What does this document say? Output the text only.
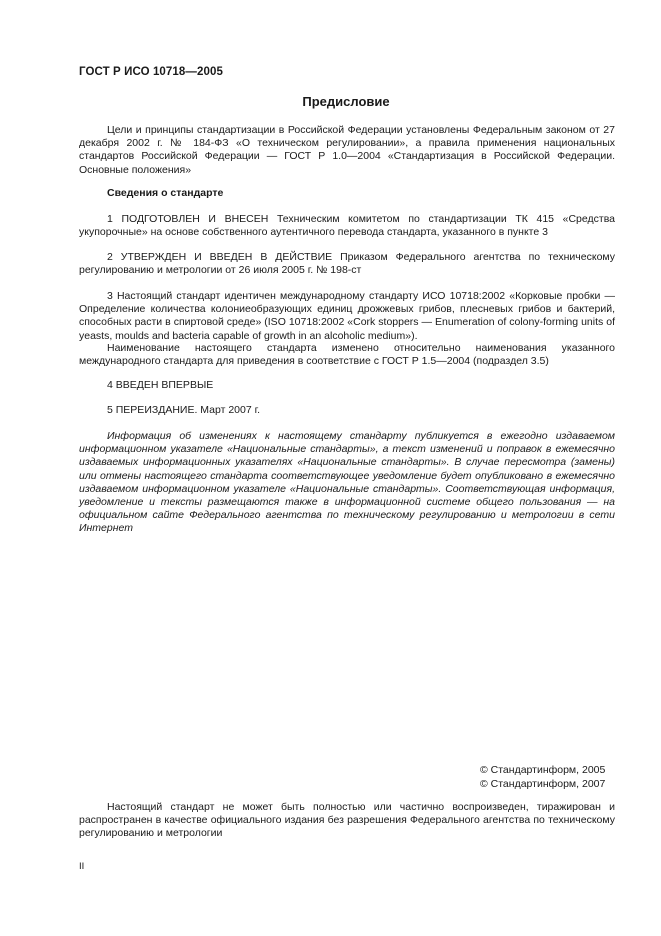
ГОСТ Р ИСО 10718—2005
Предисловие
Цели и принципы стандартизации в Российской Федерации установлены Федеральным законом от 27 декабря 2002 г. № 184-ФЗ «О техническом регулировании», а правила применения национальных стандартов Российской Федерации — ГОСТ Р 1.0—2004 «Стандартизация в Российской Федерации. Основные положения»
Сведения о стандарте
1 ПОДГОТОВЛЕН И ВНЕСЕН Техническим комитетом по стандартизации ТК 415 «Средства укупорочные» на основе собственного аутентичного перевода стандарта, указанного в пункте 3
2 УТВЕРЖДЕН И ВВЕДЕН В ДЕЙСТВИЕ Приказом Федерального агентства по техническому регулированию и метрологии от 26 июля 2005 г. № 198-ст
3 Настоящий стандарт идентичен международному стандарту ИСО 10718:2002 «Корковые пробки — Определение количества колониеобразующих единиц дрожжевых грибов, плесневых грибов и бактерий, способных расти в спиртовой среде» (ISO 10718:2002 «Cork stoppers — Enumeration of colony-forming units of yeasts, moulds and bacteria capable of growth in an alcoholic medium»).
Наименование настоящего стандарта изменено относительно наименования указанного международного стандарта для приведения в соответствие с ГОСТ Р 1.5—2004 (подраздел 3.5)
4 ВВЕДЕН ВПЕРВЫЕ
5 ПЕРЕИЗДАНИЕ. Март 2007 г.
Информация об изменениях к настоящему стандарту публикуется в ежегодно издаваемом информационном указателе «Национальные стандарты», а текст изменений и поправок в ежемесячно издаваемых информационных указателях «Национальные стандарты». В случае пересмотра (замены) или отмены настоящего стандарта соответствующее уведомление будет опубликовано в ежемесячно издаваемом информационном указателе «Национальные стандарты». Соответствующая информация, уведомление и тексты размещаются также в информационной системе общего пользования — на официальном сайте Федерального агентства по техническому регулированию и метрологии в сети Интернет
© Стандартинформ, 2005
© Стандартинформ, 2007
Настоящий стандарт не может быть полностью или частично воспроизведен, тиражирован и распространен в качестве официального издания без разрешения Федерального агентства по техническому регулированию и метрологии
II
